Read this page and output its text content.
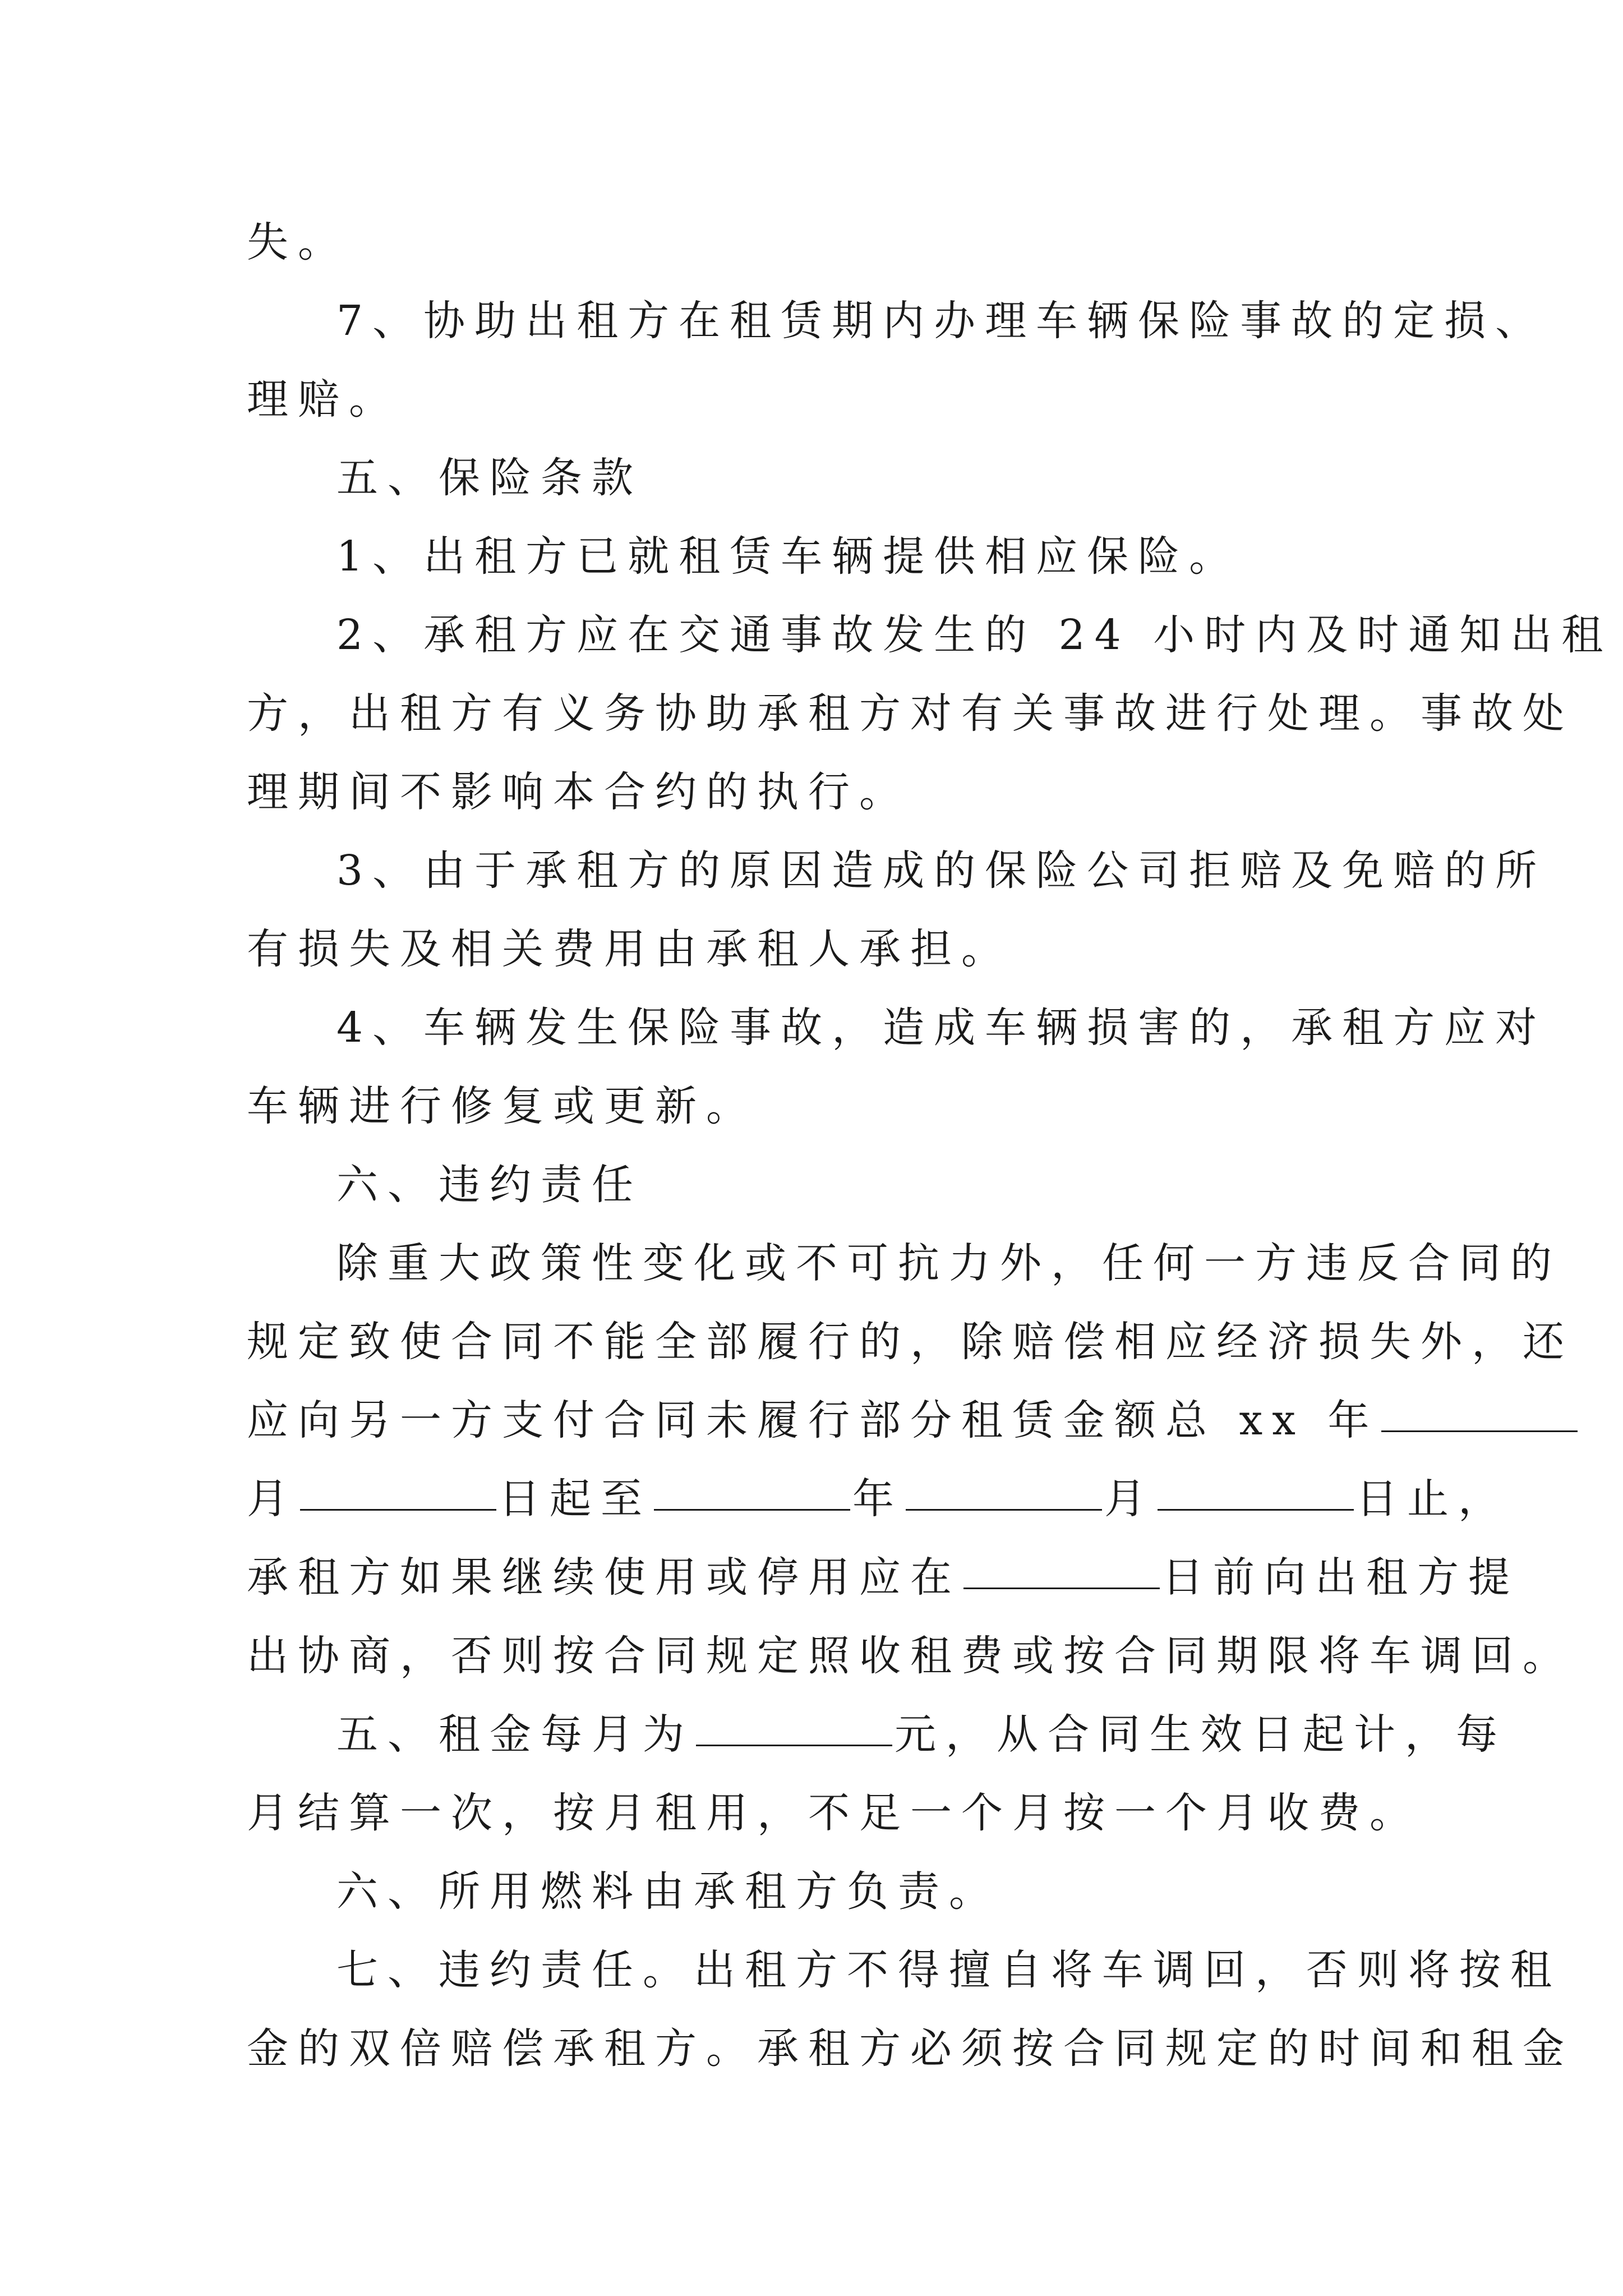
失。
7、协助出租方在租赁期内办理车辆保险事故的定损、
理赔。
五、保险条款
1、出租方已就租赁车辆提供相应保险。
2、承租方应在交通事故发生的 24 小时内及时通知出租
方，出租方有义务协助承租方对有关事故进行处理。事故处
理期间不影响本合约的执行。
3、由于承租方的原因造成的保险公司拒赔及免赔的所
有损失及相关费用由承租人承担。
4、车辆发生保险事故，造成车辆损害的，承租方应对
车辆进行修复或更新。
六、违约责任
除重大政策性变化或不可抗力外，任何一方违反合同的
规定致使合同不能全部履行的，除赔偿相应经济损失外，还
应向另一方支付合同未履行部分租赁金额总 xx 年
月	日起至	年	月	日止，
承租方如果继续使用或停用应在	日前向出租方提
出协商，否则按合同规定照收租费或按合同期限将车调回。
五、租金每月为	元，从合同生效日起计，每
月结算一次，按月租用，不足一个月按一个月收费。
六、所用燃料由承租方负责。
七、违约责任。出租方不得擅自将车调回，否则将按租
金的双倍赔偿承租方。承租方必须按合同规定的时间和租金
